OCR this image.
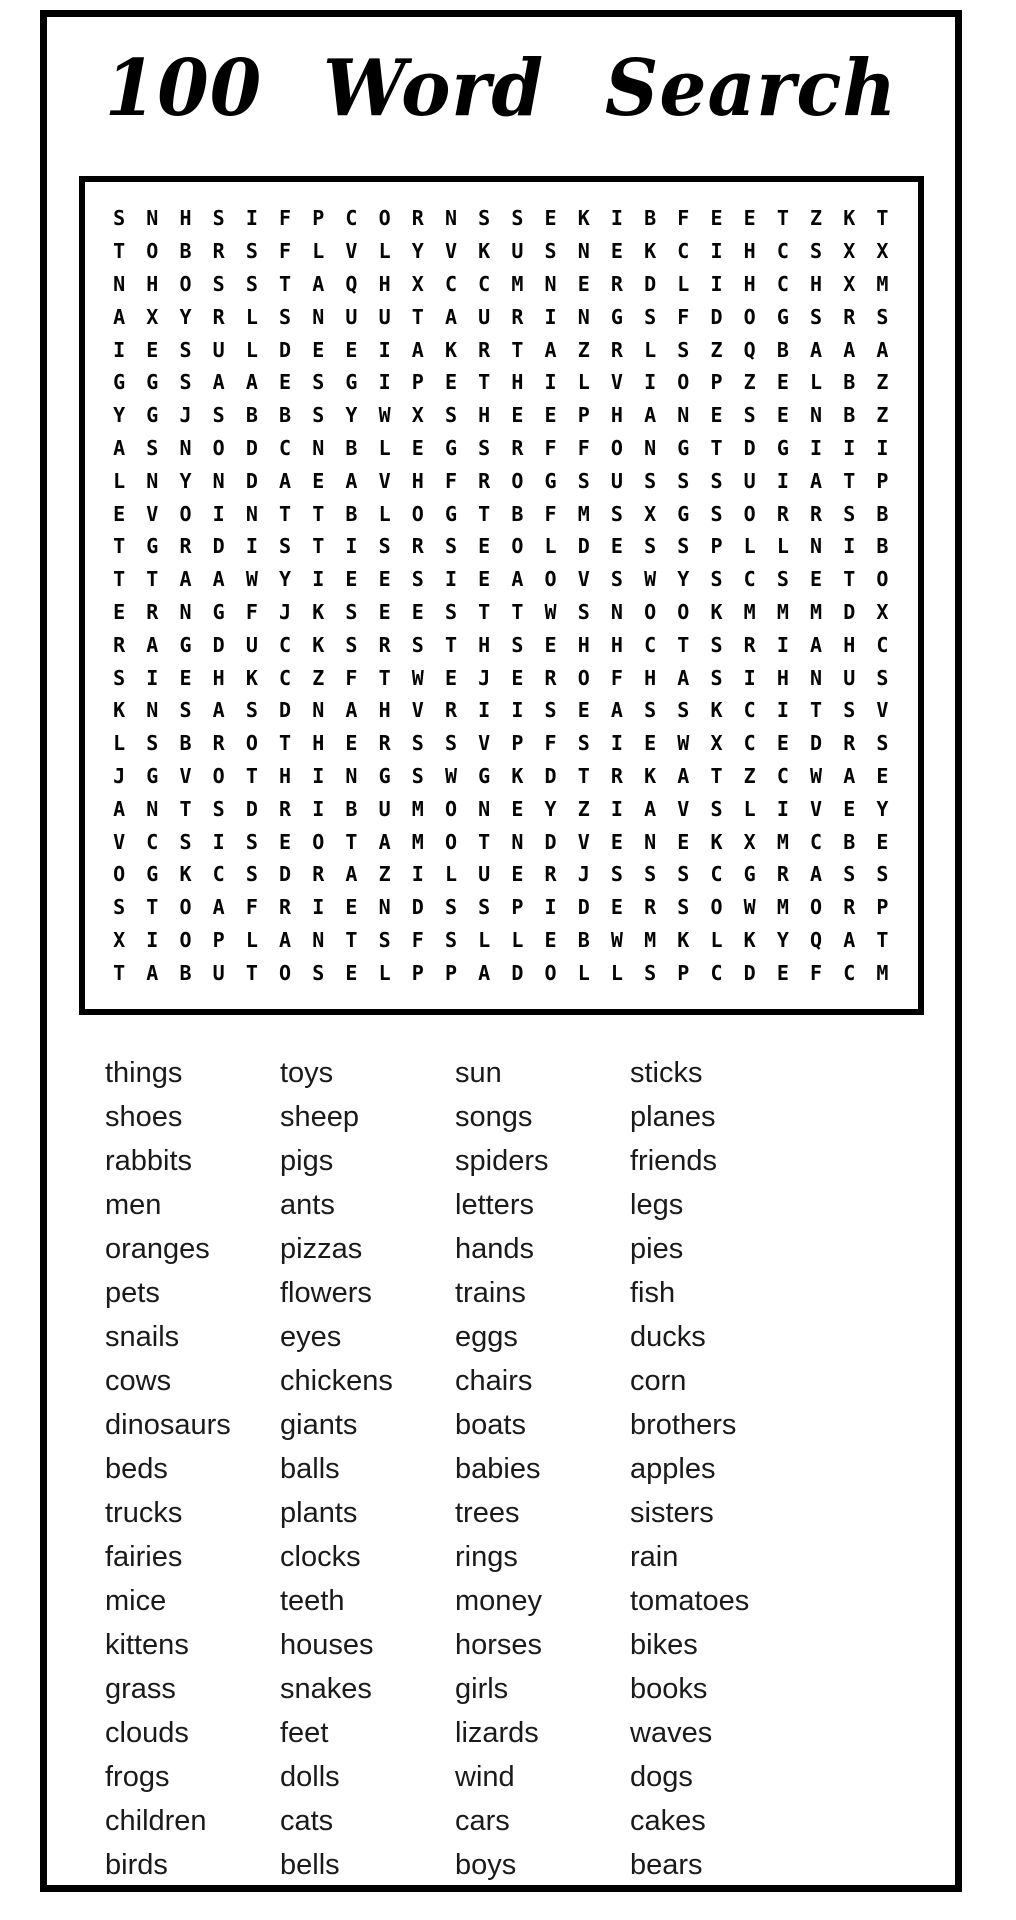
100 Word Search
S	N	H	S	I	F	P	C	O	R	N	S	S	E	K	I	B	F	E	E	T	Z	K	T
T	O	B	R	S	F	L	V	L	Y	V	K	U	S	N	E	K	C	I	H	C	S	X	X
N	H	O	S	S	T	A	Q	H	X	C	C	M	N	E	R	D	L	I	H	C	H	X	M
A	X	Y	R	L	S	N	U	U	T	A	U	R	I	N	G	S	F	D	O	G	S	R	S
I	E	S	U	L	D	E	E	I	A	K	R	T	A	Z	R	L	S	Z	Q	B	A	A	A
G	G	S	A	A	E	S	G	I	P	E	T	H	I	L	V	I	O	P	Z	E	L	B	Z
Y	G	J	S	B	B	S	Y	W	X	S	H	E	E	P	H	A	N	E	S	E	N	B	Z
A	S	N	O	D	C	N	B	L	E	G	S	R	F	F	O	N	G	T	D	G	I	I	I
L	N	Y	N	D	A	E	A	V	H	F	R	O	G	S	U	S	S	S	U	I	A	T	P
E	V	O	I	N	T	T	B	L	O	G	T	B	F	M	S	X	G	S	O	R	R	S	B
T	G	R	D	I	S	T	I	S	R	S	E	O	L	D	E	S	S	P	L	L	N	I	B
T	T	A	A	W	Y	I	E	E	S	I	E	A	O	V	S	W	Y	S	C	S	E	T	O
E	R	N	G	F	J	K	S	E	E	S	T	T	W	S	N	O	O	K	M	M	M	D	X
R	A	G	D	U	C	K	S	R	S	T	H	S	E	H	H	C	T	S	R	I	A	H	C
S	I	E	H	K	C	Z	F	T	W	E	J	E	R	O	F	H	A	S	I	H	N	U	S
K	N	S	A	S	D	N	A	H	V	R	I	I	S	E	A	S	S	K	C	I	T	S	V
L	S	B	R	O	T	H	E	R	S	S	V	P	F	S	I	E	W	X	C	E	D	R	S
J	G	V	O	T	H	I	N	G	S	W	G	K	D	T	R	K	A	T	Z	C	W	A	E
A	N	T	S	D	R	I	B	U	M	O	N	E	Y	Z	I	A	V	S	L	I	V	E	Y
V	C	S	I	S	E	O	T	A	M	O	T	N	D	V	E	N	E	K	X	M	C	B	E
O	G	K	C	S	D	R	A	Z	I	L	U	E	R	J	S	S	S	C	G	R	A	S	S
S	T	O	A	F	R	I	E	N	D	S	S	P	I	D	E	R	S	O	W	M	O	R	P
X	I	O	P	L	A	N	T	S	F	S	L	L	E	B	W	M	K	L	K	Y	Q	A	T
T	A	B	U	T	O	S	E	L	P	P	A	D	O	L	L	S	P	C	D	E	F	C	M
things
shoes
rabbits
men
oranges
pets
snails
cows
dinosaurs
beds
trucks
fairies
mice
kittens
grass
clouds
frogs
children
birds
toys
sheep
pigs
ants
pizzas
flowers
eyes
chickens
giants
balls
plants
clocks
teeth
houses
snakes
feet
dolls
cats
bells
sun
songs
spiders
letters
hands
trains
eggs
chairs
boats
babies
trees
rings
money
horses
girls
lizards
wind
cars
boys
sticks
planes
friends
legs
pies
fish
ducks
corn
brothers
apples
sisters
rain
tomatoes
bikes
books
waves
dogs
cakes
bears
